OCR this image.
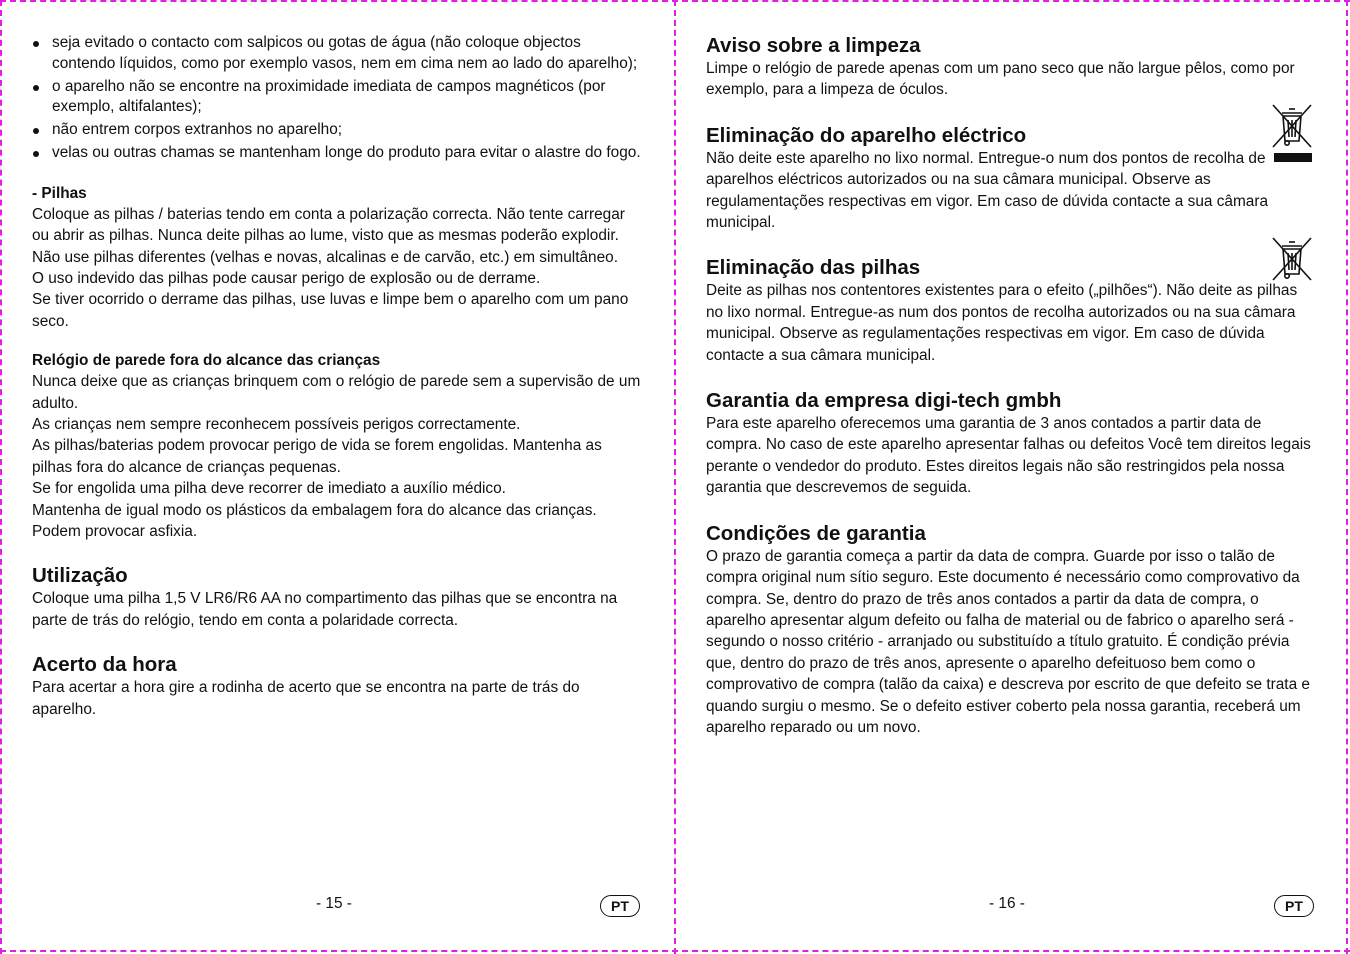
seja evitado o contacto com salpicos ou gotas de água (não coloque objectos contendo líquidos, como por exemplo vasos, nem em cima nem ao lado do aparelho);
o aparelho não se encontre na proximidade imediata de campos magnéticos (por exemplo, altifalantes);
não entrem corpos extranhos no aparelho;
velas ou outras chamas se mantenham longe do produto para evitar o alastre do fogo.

- Pilhas

Coloque as pilhas / baterias tendo em conta a polarização correcta. Não tente carregar ou abrir as pilhas. Nunca deite pilhas ao lume, visto que as mesmas poderão explodir. Não use pilhas diferentes (velhas e novas, alcalinas e de carvão, etc.) em simultâneo.

O uso indevido das pilhas pode causar perigo de explosão ou de derrame.

Se tiver ocorrido o derrame das pilhas, use luvas e limpe bem o aparelho com um pano seco.

Relógio de parede fora do alcance das crianças

Nunca deixe que as crianças brinquem com o relógio de parede sem a supervisão de um adulto.

As crianças nem sempre reconhecem possíveis perigos correctamente.

As pilhas/baterias podem provocar perigo de vida se forem engolidas. Mantenha as pilhas fora do alcance de crianças pequenas.

Se for engolida uma pilha deve recorrer de imediato a auxílio médico.

Mantenha de igual modo os plásticos da embalagem fora do alcance das crianças. Podem provocar asfixia.

Utilização

Coloque uma pilha 1,5 V LR6/R6 AA no compartimento das pilhas que se encontra na parte de trás do relógio, tendo em conta a polaridade correcta.

Acerto da hora

Para acertar a hora gire a rodinha de acerto que se encontra na parte de trás do aparelho.

- 15 -	PT
Aviso sobre a limpeza

Limpe o relógio de parede apenas com um pano seco que não largue pêlos, como por exemplo, para a limpeza de óculos.

Eliminação do aparelho eléctrico

Não deite este aparelho no lixo normal. Entregue-o num dos pontos de recolha de aparelhos eléctricos autorizados ou na sua câmara municipal. Observe as regulamentações respectivas em vigor. Em caso de dúvida contacte a sua câmara municipal.

Eliminação das pilhas

Deite as pilhas nos contentores existentes para o efeito („pilhões“). Não deite as pilhas no lixo normal. Entregue-as num dos pontos de recolha autorizados ou na sua câmara municipal. Observe as regulamentações respectivas em vigor. Em caso de dúvida contacte a sua câmara municipal.

Garantia da empresa digi-tech gmbh

Para este aparelho oferecemos uma garantia de 3 anos contados a partir data de compra. No caso de este aparelho apresentar falhas ou defeitos Você tem direitos legais perante o vendedor do produto. Estes direitos legais não são restringidos pela nossa garantia que descrevemos de seguida.

Condições de garantia

O prazo de garantia começa a partir da data de compra. Guarde por isso o talão de compra original num sítio seguro. Este documento é necessário como comprovativo da compra. Se, dentro do prazo de três anos contados a partir da data de compra, o aparelho apresentar algum defeito ou falha de material ou de fabrico o aparelho será - segundo o nosso critério - arranjado ou substituído a título gratuito. É condição prévia que, dentro do prazo de três anos, apresente o aparelho defeituoso bem como o comprovativo de compra (talão da caixa) e descreva por escrito de que defeito se trata e quando surgiu o mesmo. Se o defeito estiver coberto pela nossa garantia, receberá um aparelho reparado ou um novo.

- 16 -	PT
